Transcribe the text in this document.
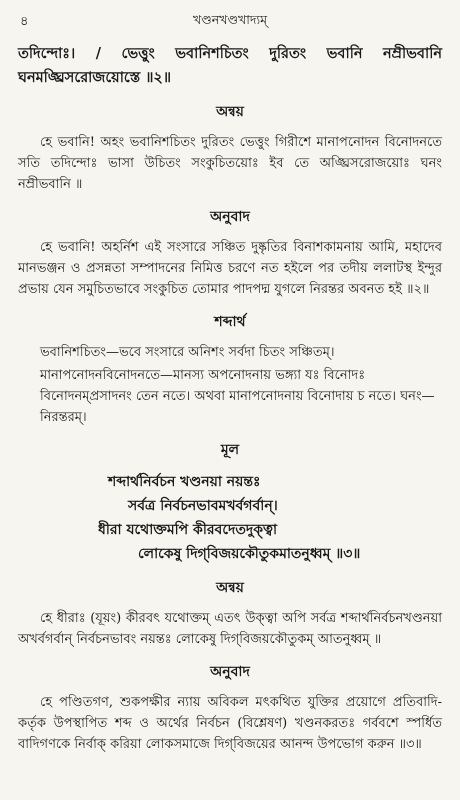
৪	খণ্ডনখণ্ডখাদ্যম্

তদিন্দোঃ। / ভেত্তুং ভবানিশচিতং দুরিতং ভবানি নম্রীভবানি ঘনমঙ্ঘ্রিসরোজয়োস্তে ॥২॥

অন্বয়

হে ভবানি! অহং ভবানিশচিতং দুরিতং ভেত্তুং গিরীশে মানাপনোদন বিনোদনতে সতি তদিন্দোঃ ভাসা উচিতং সংকুচিতয়োঃ ইব তে অঙ্ঘ্রিসরোজয়োঃ ঘনং নম্রীভবানি ॥

অনুবাদ

হে ভবানি! অহর্নিশ এই সংসারে সঞ্চিত দুষ্কৃতির বিনাশকামনায় আমি, মহাদেব মানভঞ্জন ও প্রসন্নতা সম্পাদনের নিমিত্ত চরণে নত হইলে পর তদীয় ললাটস্থ ইন্দুর প্রভায় যেন সমুচিতভাবে সংকুচিত তোমার পাদপদ্ম যুগলে নিরন্তর অবনত হই ॥২॥

শব্দার্থ

ভবানিশচিতং—ভবে সংসারে অনিশং সর্বদা চিতং সঞ্চিতম্।

মানাপনোদনবিনোদনতে—মানস্য অপনোদনায় ভঙ্গ্যা যঃ বিনোদঃ বিনোদনম্‌প্রসাদনং তেন নতে। অথবা মানাপনোদনায় বিনোদায় চ নতে। ঘনং—নিরন্তরম্।

মূল
শব্দার্থনির্বচন খণ্ডনয়া নয়ন্তঃ
সর্বত্র নির্বচনভাবমখর্বগর্বান্।
ধীরা যথোক্তমপি কীরবদেতদুক্ত্বা
লোকেষু দিগ্‌বিজয়কৌতুকমাতনুধ্বম্ ॥৩॥
অন্বয়

হে ধীরাঃ (যূয়ং) কীরবৎ যথোক্তম্ এতৎ উক্ত্বা অপি সর্বত্র শব্দার্থনির্বচনখণ্ডনয়া অখর্বগর্বান্ নির্বচনভাবং নয়ন্তঃ লোকেষু দিগ্‌বিজয়কৌতুকম্ আতনুধ্বম্ ॥

অনুবাদ

হে পণ্ডিতগণ, শুকপক্ষীর ন্যায় অবিকল মৎকথিত যুক্তির প্রয়োগে প্রতিবাদি-কর্তৃক উপস্থাপিত শব্দ ও অর্থের নির্বচন (বিশ্লেষণ) খণ্ডনকরতঃ গর্ববশে স্পর্ধিত বাদিগণকে নির্বাক্ করিয়া লোকসমাজে দিগ্‌বিজয়ের আনন্দ উপভোগ করুন ॥৩॥
